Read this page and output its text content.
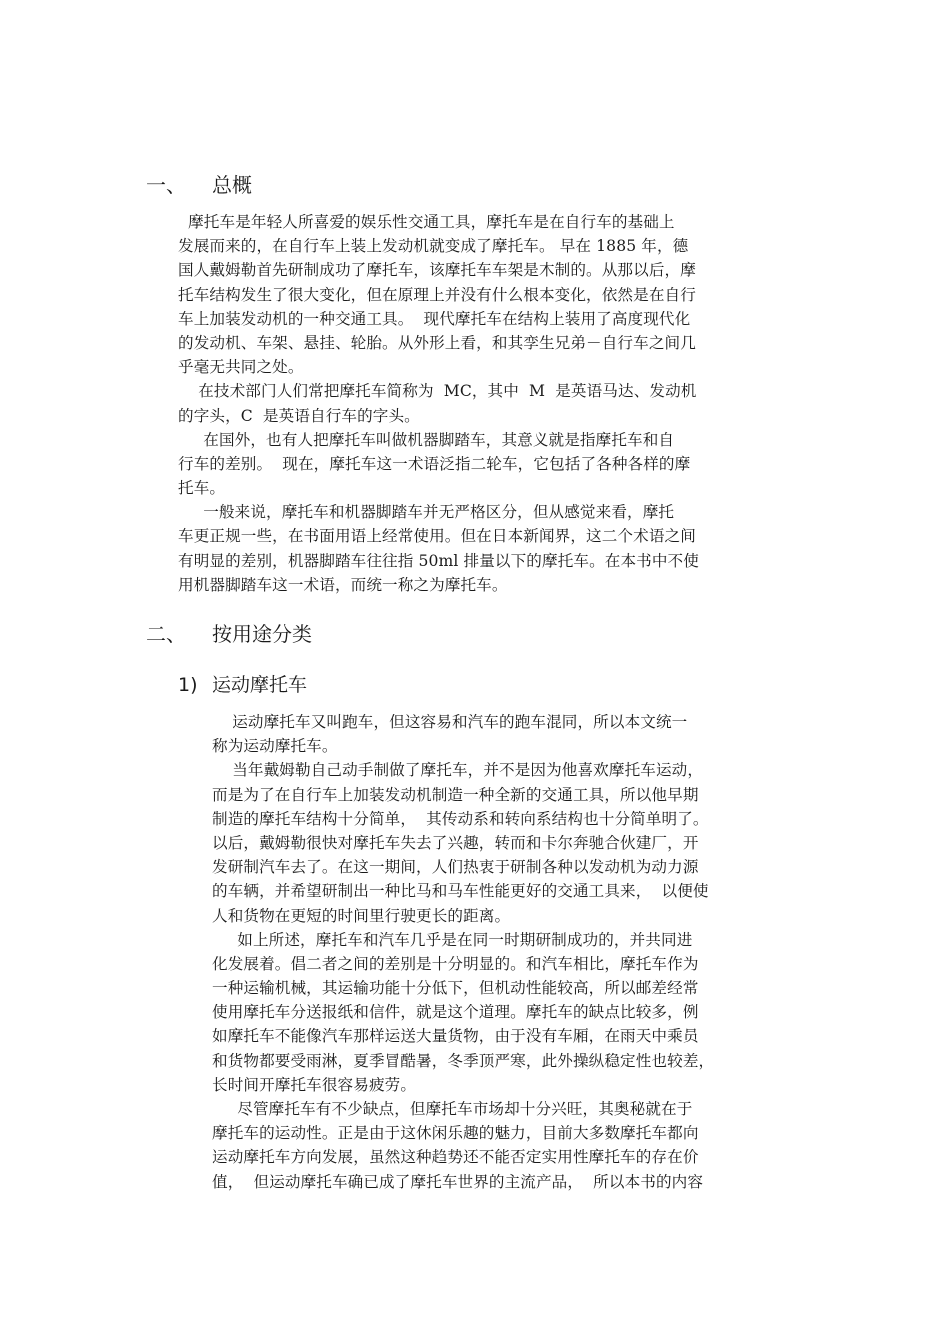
一、 总概
摩托车是年轻人所喜爱的娱乐性交通工具，摩托车是在自行车的基础上
发展而来的，在自行车上装上发动机就变成了摩托车。 早在 1885 年，德
国人戴姆勒首先研制成功了摩托车，该摩托车车架是木制的。从那以后，摩
托车结构发生了很大变化，但在原理上并没有什么根本变化，依然是在自行
车上加装发动机的一种交通工具。  现代摩托车在结构上装用了高度现代化
的发动机、车架、悬挂、轮胎。从外形上看，和其孪生兄弟－自行车之间几
乎毫无共同之处。
在技术部门人们常把摩托车简称为  MC，其中  M  是英语马达、发动机
的字头，C  是英语自行车的字头。
在国外，也有人把摩托车叫做机器脚踏车，其意义就是指摩托车和自
行车的差别。  现在，摩托车这一术语泛指二轮车，它包括了各种各样的摩
托车。
一般来说，摩托车和机器脚踏车并无严格区分，但从感觉来看，摩托
车更正规一些，在书面用语上经常使用。但在日本新闻界，这二个术语之间
有明显的差别，机器脚踏车往往指 50ml 排量以下的摩托车。在本书中不使
用机器脚踏车这一术语，而统一称之为摩托车。
二、 按用途分类
1) 运动摩托车
运动摩托车又叫跑车，但这容易和汽车的跑车混同，所以本文统一
称为运动摩托车。
当年戴姆勒自己动手制做了摩托车，并不是因为他喜欢摩托车运动，
而是为了在自行车上加装发动机制造一种全新的交通工具，所以他早期
制造的摩托车结构十分简单，  其传动系和转向系结构也十分简单明了。
以后，戴姆勒很快对摩托车失去了兴趣，转而和卡尔奔驰合伙建厂，开
发研制汽车去了。在这一期间，人们热衷于研制各种以发动机为动力源
的车辆，并希望研制出一种比马和马车性能更好的交通工具来，  以便使
人和货物在更短的时间里行驶更长的距离。
如上所述，摩托车和汽车几乎是在同一时期研制成功的，并共同进
化发展着。倡二者之间的差别是十分明显的。和汽车相比，摩托车作为
一种运输机械，其运输功能十分低下，但机动性能较高，所以邮差经常
使用摩托车分送报纸和信件，就是这个道理。摩托车的缺点比较多，例
如摩托车不能像汽车那样运送大量货物，由于没有车厢，在雨天中乘员
和货物都要受雨淋，夏季冒酷暑，冬季顶严寒，此外操纵稳定性也较差，
长时间开摩托车很容易疲劳。
尽管摩托车有不少缺点，但摩托车市场却十分兴旺，其奥秘就在于
摩托车的运动性。正是由于这休闲乐趣的魅力，目前大多数摩托车都向
运动摩托车方向发展，虽然这种趋势还不能否定实用性摩托车的存在价
值，  但运动摩托车确已成了摩托车世界的主流产品，  所以本书的内容
